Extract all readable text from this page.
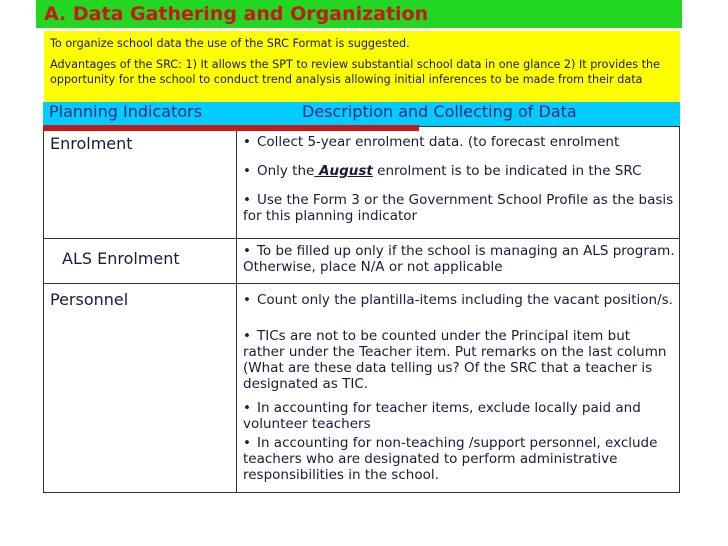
A. Data Gathering and Organization
To organize school data the use of the SRC Format is suggested.
Advantages of the SRC: 1) It allows the SPT to review substantial school data in one glance 2) It provides the opportunity for the school to conduct trend analysis allowing initial inferences to be made from their data
Planning Indicators	Description and Collecting of Data
Enrolment	• Collect 5-year enrolment data. (to forecast enrolment
• Only the August enrolment is to be indicated in the SRC
• Use the Form 3 or the Government School Profile as the basis for this planning indicator
ALS Enrolment	• To be filled up only if the school is managing an ALS program. Otherwise, place N/A or not applicable
Personnel	• Count only the plantilla-items including the vacant position/s.
• TICs are not to be counted under the Principal item but rather under the Teacher item. Put remarks on the last column (What are these data telling us? Of the SRC that a teacher is designated as TIC.
• In accounting for teacher items, exclude locally paid and volunteer teachers
• In accounting for non-teaching /support personnel, exclude teachers who are designated to perform administrative responsibilities in the school.
